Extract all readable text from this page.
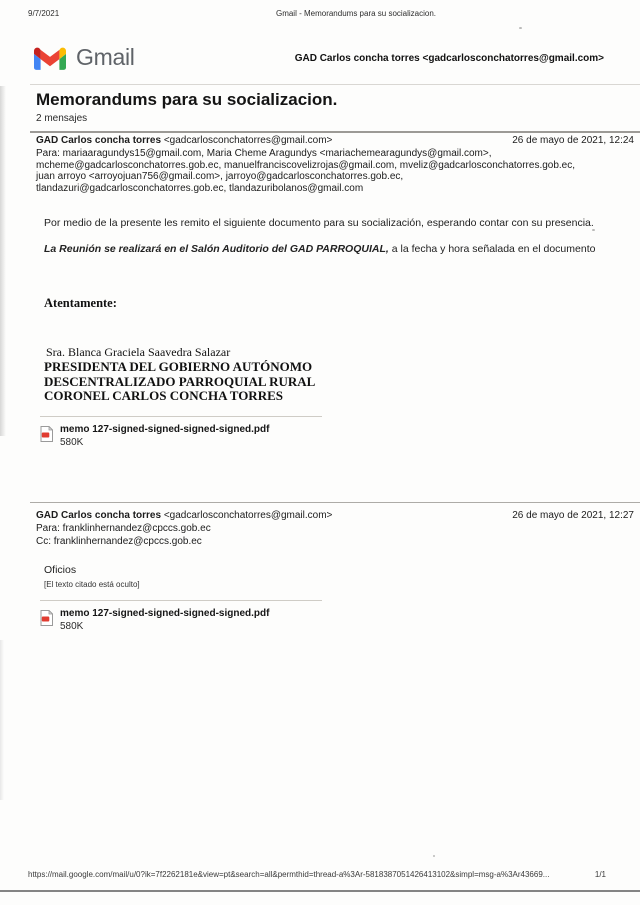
9/7/2021	Gmail - Memorandums para su socializacion.
Gmail	GAD Carlos concha torres <gadcarlosconchatorres@gmail.com>
Memorandums para su socializacion.
2 mensajes
GAD Carlos concha torres <gadcarlosconchatorres@gmail.com>	26 de mayo de 2021, 12:24
Para: mariaaragundys15@gmail.com, Maria Cheme Aragundys <mariachemearagundys@gmail.com>, mcheme@gadcarlosconchatorres.gob.ec, manuelfranciscovelizrojas@gmail.com, mveliz@gadcarlosconchatorres.gob.ec, juan arroyo <arroyojuan756@gmail.com>, jarroyo@gadcarlosconchatorres.gob.ec, tlandazuri@gadcarlosconchatorres.gob.ec, tlandazuribolanos@gmail.com

Por medio de la presente les remito el siguiente documento para su socialización, esperando contar con su presencia.

La Reunión se realizará en el Salón Auditorio del GAD PARROQUIAL, a la fecha y hora señalada en el documento

Atentamente:
Sra. Blanca Graciela Saavedra Salazar
PRESIDENTA DEL GOBIERNO AUTÓNOMO
DESCENTRALIZADO PARROQUIAL RURAL
CORONEL CARLOS CONCHA TORRES
memo 127-signed-signed-signed-signed.pdf
580K
GAD Carlos concha torres <gadcarlosconchatorres@gmail.com>	26 de mayo de 2021, 12:27
Para: franklinhernandez@cpccs.gob.ec
Cc: franklinhernandez@cpccs.gob.ec
Oficios
[El texto citado está oculto]
memo 127-signed-signed-signed-signed.pdf
580K
https://mail.google.com/mail/u/0?ik=7f2262181e&view=pt&search=all&permthid=thread-a%3Ar-5818387051426413102&simpl=msg-a%3Ar43669...	1/1
